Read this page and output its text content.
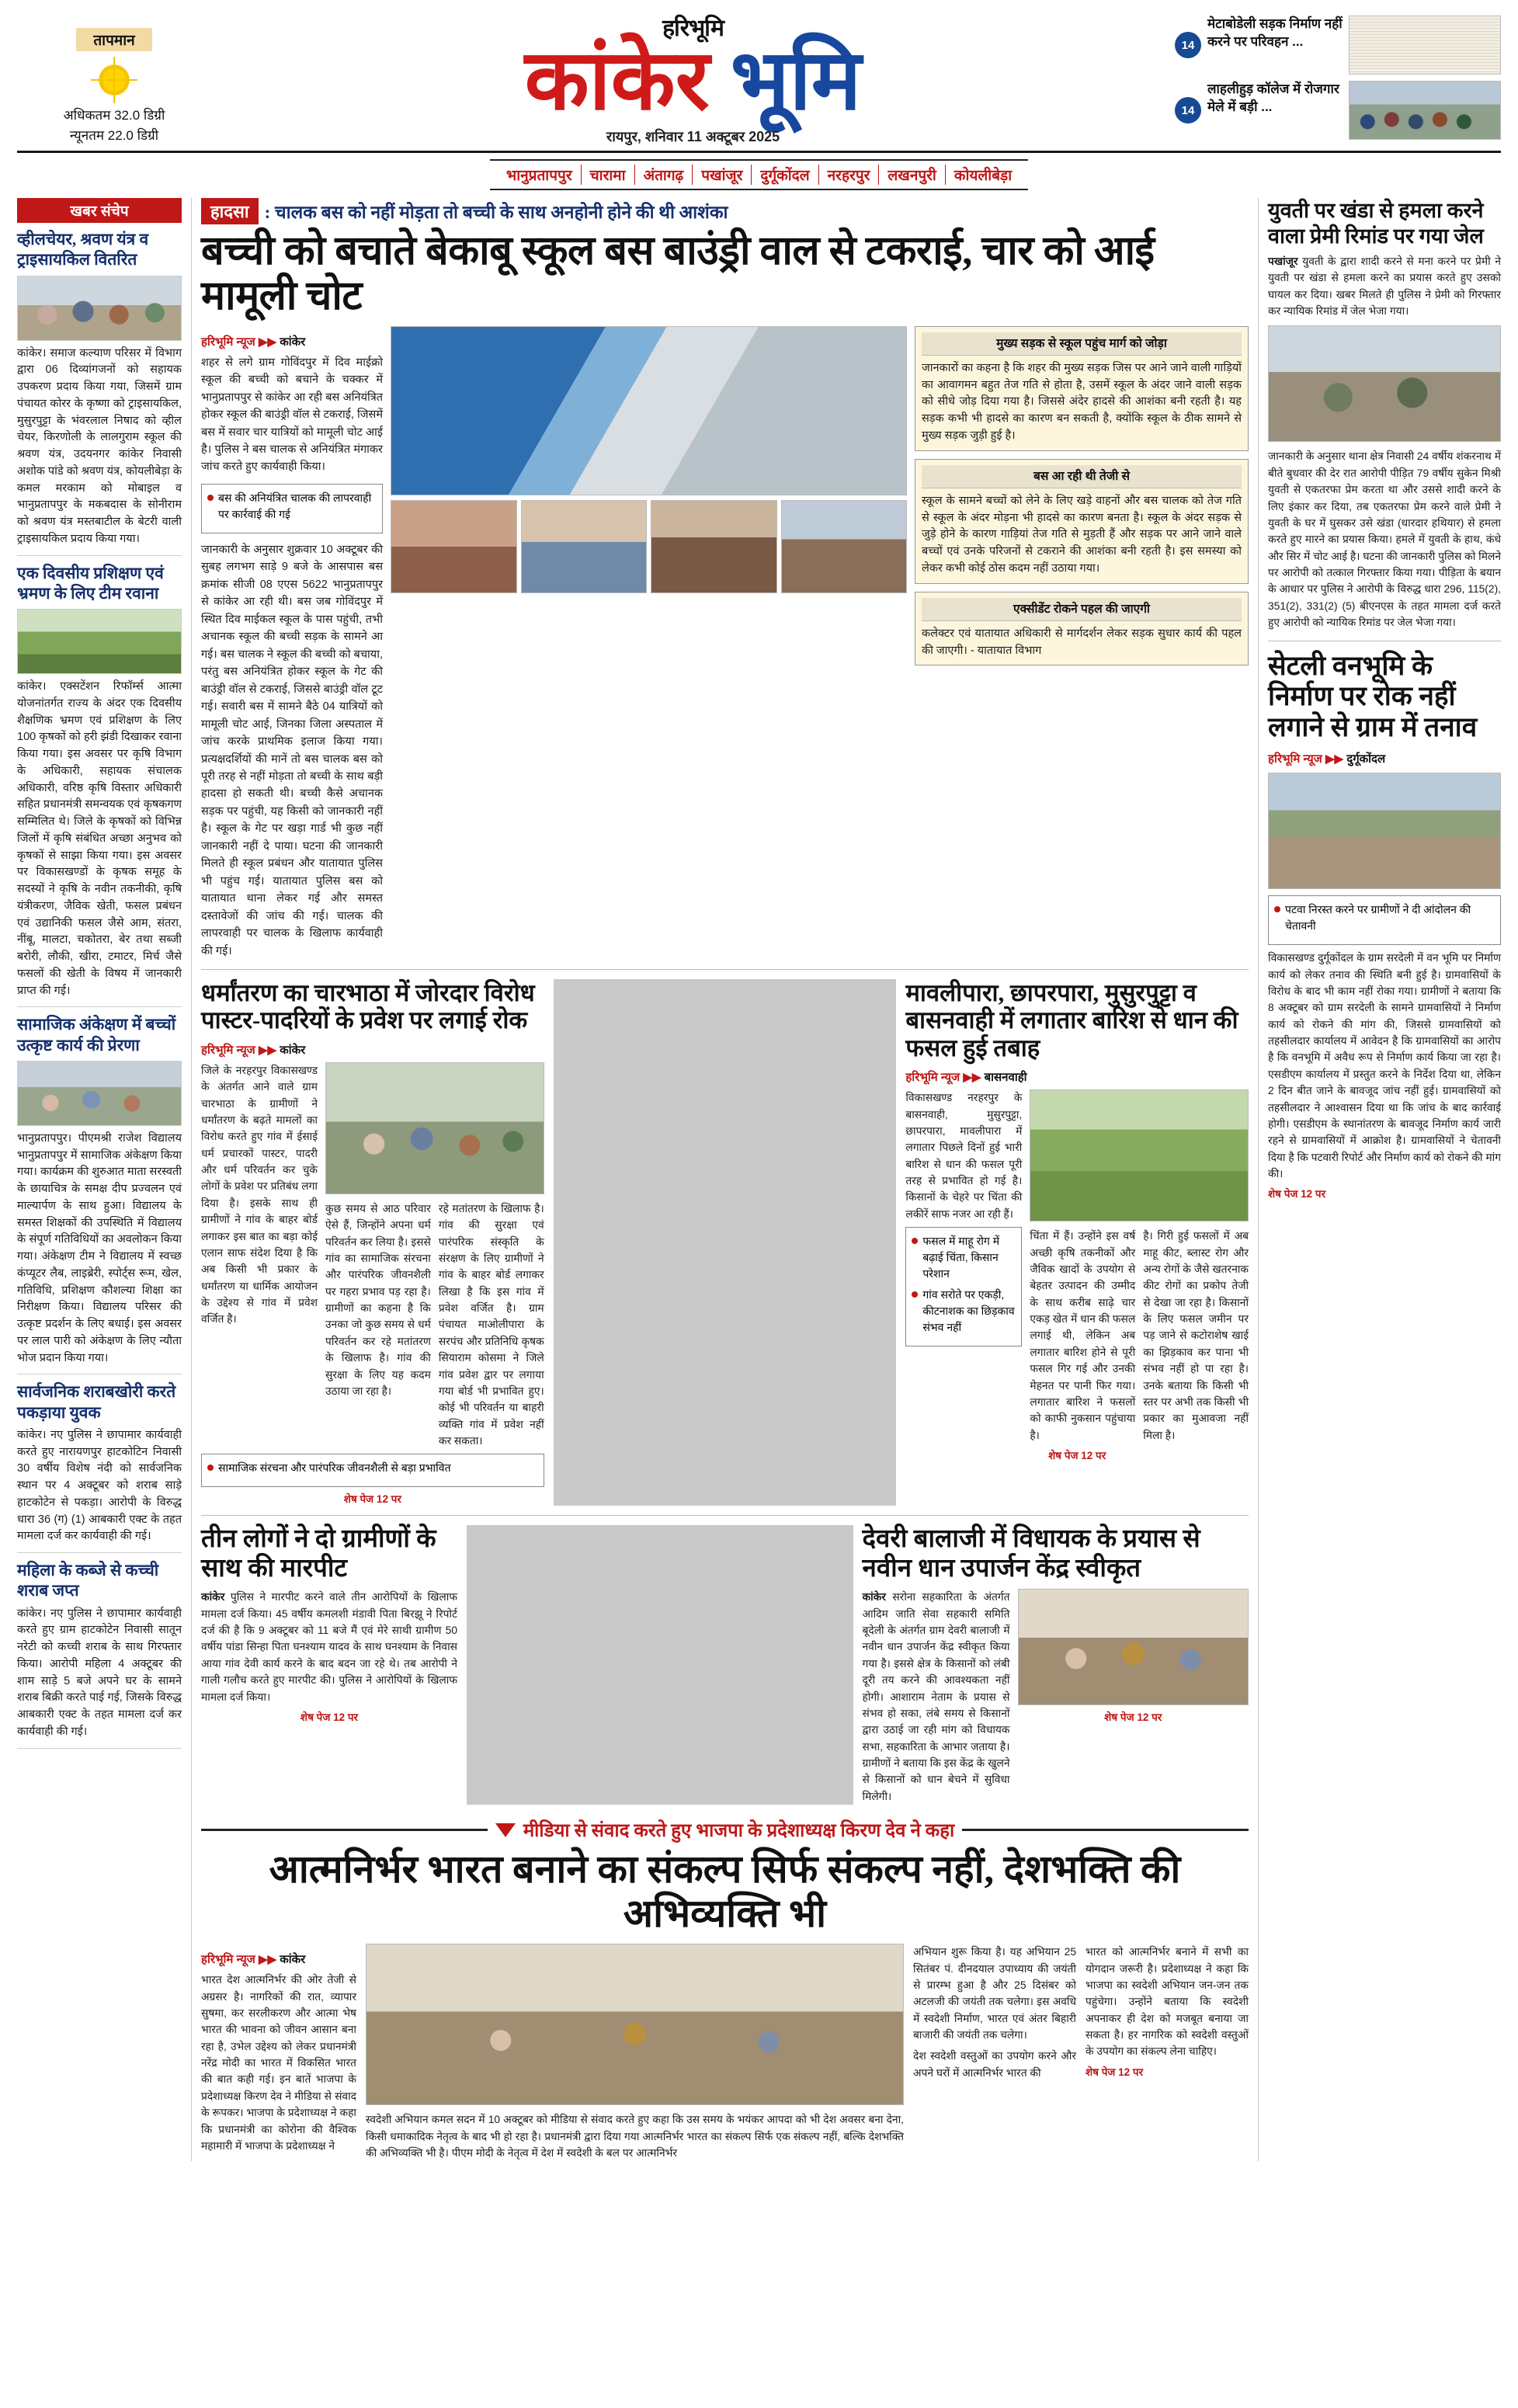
तापमान
अधिकतम 32.0 डिग्री
न्यूनतम 22.0 डिग्री
हरिभूमि
कांकेर भूमि
रायपुर, शनिवार 11 अक्टूबर 2025
14
मेटाबोडेली सड़क निर्माण नहीं करने पर परिवहन ...
14
लाहलीहुड़ कॉलेज में रोजगार मेले में बड़ी ...
भानुप्रतापपुर	चारामा	अंतागढ़	पखांजूर	दुर्गूकोंदल	नरहरपुर	लखनपुरी	कोयलीबेड़ा
खबर संचेप
व्हीलचेयर, श्रवण यंत्र व ट्राइसायकिल वितरित
कांकेर। समाज कल्याण परिसर में विभाग द्वारा 06 दिव्यांगजनों को सहायक उपकरण प्रदाय किया गया, जिसमें ग्राम पंचायत कोरर के कृष्णा को ट्राइसायकिल, मुसुरपुट्टा के भंवरलाल निषाद को व्हील चेयर, किरणोली के लालगुराम स्कूल की श्रवण यंत्र, उदयनगर कांकेर निवासी अशोक पांडे को श्रवण यंत्र, कोयलीबेड़ा के कमल मरकाम को मोबाइल व भानुप्रतापपुर के मकबदास के सोनीराम को श्रवण यंत्र मस्तबाटील के बेटरी वाली ट्राइसायकिल प्रदाय किया गया।
एक दिवसीय प्रशिक्षण एवं भ्रमण के लिए टीम रवाना
कांकेर। एक्सटेंशन रिफॉर्म्स आत्मा योजनांतर्गत राज्य के अंदर एक दिवसीय शैक्षणिक भ्रमण एवं प्रशिक्षण के लिए 100 कृषकों को हरी झंडी दिखाकर रवाना किया गया। इस अवसर पर कृषि विभाग के अधिकारी, सहायक संचालक अधिकारी, वरिष्ठ कृषि विस्तार अधिकारी सहित प्रधानमंत्री समन्वयक एवं कृषकगण सम्मिलित थे। जिले के कृषकों को विभिन्न जिलों में कृषि संबंधित अच्छा अनुभव को कृषकों से साझा किया गया। इस अवसर पर विकासखण्डों के कृषक समूह के सदस्यों ने कृषि के नवीन तकनीकी, कृषि यंत्रीकरण, जैविक खेती, फसल प्रबंधन एवं उद्यानिकी फसल जैसे आम, संतरा, नींबू, मालटा, चकोतरा, बेर तथा सब्जी बरोरी, लौकी, खीरा, टमाटर, मिर्च जैसे फसलों की खेती के विषय में जानकारी प्राप्त की गई।
सामाजिक अंकेक्षण में बच्चों उत्कृष्ट कार्य की प्रेरणा
भानुप्रतापपुर। पीएमश्री राजेश विद्यालय भानुप्रतापपुर में सामाजिक अंकेक्षण किया गया। कार्यक्रम की शुरुआत माता सरस्वती के छायाचित्र के समक्ष दीप प्रज्वलन एवं माल्यार्पण के साथ हुआ। विद्यालय के समस्त शिक्षकों की उपस्थिति में विद्यालय के संपूर्ण गतिविधियों का अवलोकन किया गया। अंकेक्षण टीम ने विद्यालय में स्वच्छ कंप्यूटर लैब, लाइब्रेरी, स्पोर्ट्स रूम, खेल, गतिविधि, प्रशिक्षण कौशल्या शिक्षा का निरीक्षण किया। विद्यालय परिसर की उत्कृष्ट प्रदर्शन के लिए बधाई। इस अवसर पर लाल पारी को अंकेक्षण के लिए न्यौता भोज प्रदान किया गया।
सार्वजनिक शराबखोरी करते पकड़ाया युवक
कांकेर। नए पुलिस ने छापामार कार्यवाही करते हुए नारायणपुर हाटकोटिन निवासी 30 वर्षीय विशेष नंदी को सार्वजनिक स्थान पर 4 अक्टूबर को शराब साड़े हाटकोटेन से पकड़ा। आरोपी के विरुद्ध धारा 36 (ग) (1) आबकारी एक्ट के तहत मामला दर्ज कर कार्यवाही की गई।
महिला के कब्जे से कच्ची शराब जप्त
कांकेर। नए पुलिस ने छापामार कार्यवाही करते हुए ग्राम हाटकोटेन निवासी सातून नरेटी को कच्ची शराब के साथ गिरफ्तार किया। आरोपी महिला 4 अक्टूबर की शाम साड़े 5 बजे अपने घर के सामने शराब बिक्री करते पाई गई, जिसके विरुद्ध आबकारी एक्ट के तहत मामला दर्ज कर कार्यवाही की गई।
हादसा : चालक बस को नहीं मोड़ता तो बच्ची के साथ अनहोनी होने की थी आशंका
बच्ची को बचाते बेकाबू स्कूल बस बाउंड्री वाल से टकराई, चार को आई मामूली चोट
हरिभूमि न्यूज ▶▶ कांकेर
शहर से लगे ग्राम गोविंदपुर में दिव माईक्रो स्कूल की बच्ची को बचाने के चक्कर में भानुप्रतापपुर से कांकेर आ रही बस अनियंत्रित होकर स्कूल की बाउंड्री वॉल से टकराई, जिसमें बस में सवार चार यात्रियों को मामूली चोट आई है। पुलिस ने बस चालक से अनियंत्रित मंगाकर जांच करते हुए कार्यवाही किया।
बस की अनियंत्रित चालक की लापरवाही पर कार्रवाई की गई
जानकारी के अनुसार शुक्रवार 10 अक्टूबर की सुबह लगभग साड़े 9 बजे के आसपास बस क्रमांक सीजी 08 एएस 5622 भानुप्रतापपुर से कांकेर आ रही थी। बस जब गोविंदपुर में स्थित दिव माईकल स्कूल के पास पहुंची, तभी अचानक स्कूल की बच्ची सड़क के सामने आ गई। बस चालक ने स्कूल की बच्ची को बचाया, परंतु बस अनियंत्रित होकर स्कूल के गेट की बाउंड्री वॉल से टकराई, जिससे बाउंड्री वॉल टूट गई। सवारी बस में सामने बैठे 04 यात्रियों को मामूली चोट आई, जिनका जिला अस्पताल में जांच करके प्राथमिक इलाज किया गया। प्रत्यक्षदर्शियों की मानें तो बस चालक बस को पूरी तरह से नहीं मोड़ता तो बच्ची के साथ बड़ी हादसा हो सकती थी। बच्ची कैसे अचानक सड़क पर पहुंची, यह किसी को जानकारी नहीं है। स्कूल के गेट पर खड़ा गार्ड भी कुछ नहीं जानकारी नहीं दे पाया। घटना की जानकारी मिलते ही स्कूल प्रबंधन और यातायात पुलिस भी पहुंच गई। यातायात पुलिस बस को यातायात थाना लेकर गई और समस्त दस्तावेजों की जांच की गई। चालक की लापरवाही पर चालक के खिलाफ कार्यवाही की गई।
मुख्य सड़क से स्कूल पहुंच मार्ग को जोड़ा
जानकारों का कहना है कि शहर की मुख्य सड़क जिस पर आने जाने वाली गाड़ियों का आवागमन बहुत तेज गति से होता है, उसमें स्कूल के अंदर जाने वाली सड़क को सीधे जोड़ दिया गया है। जिससे अंदेर हादसे की आशंका बनी रहती है। यह सड़क कभी भी हादसे का कारण बन सकती है, क्योंकि स्कूल के ठीक सामने से मुख्य सड़क जुड़ी हुई है।
बस आ रही थी तेजी से
स्कूल के सामने बच्चों को लेने के लिए खड़े वाहनों और बस चालक को तेज गति से स्कूल के अंदर मोड़ना भी हादसे का कारण बनता है। स्कूल के अंदर सड़क से जुड़े होने के कारण गाड़ियां तेज गति से मुड़ती हैं और सड़क पर आने जाने वाले बच्चों एवं उनके परिजनों से टकराने की आशंका बनी रहती है। इस समस्या को लेकर कभी कोई ठोस कदम नहीं उठाया गया।
एक्सीडेंट रोकने पहल की जाएगी
कलेक्टर एवं यातायात अधिकारी से मार्गदर्शन लेकर सड़क सुधार कार्य की पहल की जाएगी। - यातायात विभाग
धर्मांतरण का चारभाठा में जोरदार विरोध पास्टर-पादरियों के प्रवेश पर लगाई रोक
हरिभूमि न्यूज ▶▶ कांकेर
जिले के नरहरपुर विकासखण्ड के अंतर्गत आने वाले ग्राम चारभाठा के ग्रामीणों ने धर्मांतरण के बढ़ते मामलों का विरोध करते हुए गांव में ईसाई धर्म प्रचारकों पास्टर, पादरी और धर्म परिवर्तन कर चुके लोगों के प्रवेश पर प्रतिबंध लगा दिया है। इसके साथ ही ग्रामीणों ने गांव के बाहर बोर्ड लगाकर इस बात का बड़ा कोई एलान साफ संदेश दिया है कि अब किसी भी प्रकार के धर्मांतरण या धार्मिक आयोजन के उद्देश्य से गांव में प्रवेश वर्जित है।
कुछ समय से आठ परिवार ऐसे हैं, जिन्होंने अपना धर्म परिवर्तन कर लिया है। इससे गांव का सामाजिक संरचना और पारंपरिक जीवनशैली पर गहरा प्रभाव पड़ रहा है। ग्रामीणों का कहना है कि उनका जो कुछ समय से धर्म परिवर्तन कर रहे मतांतरण के खिलाफ है। गांव की सुरक्षा के लिए यह कदम उठाया जा रहा है।
रहे मतांतरण के खिलाफ है। गांव की सुरक्षा एवं पारंपरिक संस्कृति के संरक्षण के लिए ग्रामीणों ने गांव के बाहर बोर्ड लगाकर लिखा है कि इस गांव में प्रवेश वर्जित है। ग्राम पंचायत माओलीपारा के सरपंच और प्रतिनिधि कृषक सियाराम कोसमा ने जिले गांव प्रवेश द्वार पर लगाया गया बोर्ड भी प्रभावित हुए। कोई भी परिवर्तन या बाहरी व्यक्ति गांव में प्रवेश नहीं कर सकता।
सामाजिक संरचना और पारंपरिक जीवनशैली से बड़ा प्रभावित
शेष पेज 12 पर
मावलीपारा, छापरपारा, मुसुरपुट्टा व बासनवाही में लगातार बारिश से धान की फसल हुई तबाह
हरिभूमि न्यूज ▶▶ बासनवाही
विकासखण्ड नरहरपुर के बासनवाही, मुसुरपुट्टा, छापरपारा, मावलीपारा में लगातार पिछले दिनों हुई भारी बारिश से धान की फसल पूरी तरह से प्रभावित हो गई है। किसानों के चेहरे पर चिंता की लकीरें साफ नजर आ रही हैं।
फसल में माहू रोग में बढ़ाई चिंता, किसान परेशान
गांव सरोते पर एकड़ी, कीटनाशक का छिड़काव संभव नहीं
चिंता में हैं। उन्होंने इस वर्ष अच्छी कृषि तकनीकों और जैविक खादों के उपयोग से बेहतर उत्पादन की उम्मीद के साथ करीब साढ़े चार एकड़ खेत में धान की फसल लगाई थी, लेकिन अब लगातार बारिश होने से पूरी फसल गिर गई और उनकी मेहनत पर पानी फिर गया। लगातार बारिश ने फसलों को काफी नुकसान पहुंचाया है।
है। गिरी हुई फसलों में अब माहू कीट, ब्लास्ट रोग और अन्य रोगों के जैसे खतरनाक कीट रोगों का प्रकोप तेजी से देखा जा रहा है। किसानों के लिए फसल जमीन पर पड़ जाने से कटोराशेष खाई का झिड़काव कर पाना भी संभव नहीं हो पा रहा है। उनके बताया कि किसी भी स्तर पर अभी तक किसी भी प्रकार का मुआवजा नहीं मिला है।
शेष पेज 12 पर
तीन लोगों ने दो ग्रामीणों के साथ की मारपीट
कांकेर पुलिस ने मारपीट करने वाले तीन आरोपियों के खिलाफ मामला दर्ज किया। 45 वर्षीय कमलशी मंडावी पिता बिरझू ने रिपोर्ट दर्ज की है कि 9 अक्टूबर को 11 बजे मैं एवं मेरे साथी ग्रामीण 50 वर्षीय पांडा सिन्हा पिता घनश्याम यादव के साथ घनश्याम के निवास आया गांव देवी कार्य करने के बाद बदन जा रहे थे। तब आरोपी ने गाली गलौच करते हुए मारपीट की। पुलिस ने आरोपियों के खिलाफ मामला दर्ज किया।
शेष पेज 12 पर
देवरी बालाजी में विधायक के प्रयास से नवीन धान उपार्जन केंद्र स्वीकृत
कांकेर सरोना सहकारिता के अंतर्गत आदिम जाति सेवा सहकारी समिति बूदेली के अंतर्गत ग्राम देवरी बालाजी में नवीन धान उपार्जन केंद्र स्वीकृत किया गया है। इससे क्षेत्र के किसानों को लंबी दूरी तय करने की आवश्यकता नहीं होगी। आशाराम नेताम के प्रयास से संभव हो सका, लंबे समय से किसानों द्वारा उठाई जा रही मांग को विधायक सभा, सहकारिता के आभार जताया है। ग्रामीणों ने बताया कि इस केंद्र के खुलने से किसानों को धान बेचने में सुविधा मिलेगी।
शेष पेज 12 पर
मीडिया से संवाद करते हुए भाजपा के प्रदेशाध्यक्ष किरण देव ने कहा
आत्मनिर्भर भारत बनाने का संकल्प सिर्फ संकल्प नहीं, देशभक्ति की अभिव्यक्ति भी
हरिभूमि न्यूज ▶▶ कांकेर
भारत देश आत्मनिर्भर की ओर तेजी से अग्रसर है। नागरिकों की रात, व्यापार सुषमा, कर सरलीकरण और आत्मा भेष भारत की भावना को जीवन आसान बना रहा है, उभेल उद्देश्य को लेकर प्रधानमंत्री नरेंद्र मोदी का भारत में विकसित भारत की बात कही गई। इन बातें भाजपा के प्रदेशाध्यक्ष किरण देव ने मीडिया से संवाद के रूपकर। भाजपा के प्रदेशाध्यक्ष ने कहा कि प्रधानमंत्री का कोरोना की वैश्विक महामारी में भाजपा के प्रदेशाध्यक्ष ने
स्वदेशी अभियान कमल सदन में 10 अक्टूबर को मीडिया से संवाद करते हुए कहा कि उस समय के भयंकर आपदा को भी देश अवसर बना देना, किसी धमाकादिक नेतृत्व के बाद भी हो रहा है। प्रधानमंत्री द्वारा दिया गया आत्मनिर्भर भारत का संकल्प सिर्फ एक संकल्प नहीं, बल्कि देशभक्ति की अभिव्यक्ति भी है। पीएम मोदी के नेतृत्व में देश में स्वदेशी के बल पर आत्मनिर्भर
अभियान शुरू किया है। यह अभियान 25 सितंबर पं. दीनदयाल उपाध्याय की जयंती से प्रारम्भ हुआ है और 25 दिसंबर को अटलजी की जयंती तक चलेगा। इस अवधि में स्वदेशी निर्माण, भारत एवं अंतर बिहारी बाजारी की जयंती तक चलेगा।
देश स्वदेशी वस्तुओं का उपयोग करने और अपने घरों में आत्मनिर्भर भारत की
भारत को आत्मनिर्भर बनाने में सभी का योगदान जरूरी है। प्रदेशाध्यक्ष ने कहा कि भाजपा का स्वदेशी अभियान जन-जन तक पहुंचेगा। उन्होंने बताया कि स्वदेशी अपनाकर ही देश को मजबूत बनाया जा सकता है। हर नागरिक को स्वदेशी वस्तुओं के उपयोग का संकल्प लेना चाहिए।
शेष पेज 12 पर
युवती पर खंडा से हमला करने वाला प्रेमी रिमांड पर गया जेल
पखांजूर युवती के द्वारा शादी करने से मना करने पर प्रेमी ने युवती पर खंडा से हमला करने का प्रयास करते हुए उसको घायल कर दिया। खबर मिलते ही पुलिस ने प्रेमी को गिरफ्तार कर न्यायिक रिमांड में जेल भेजा गया।
जानकारी के अनुसार थाना क्षेत्र निवासी 24 वर्षीय शंकरनाथ में बीते बुधवार की देर रात आरोपी पीड़ित 79 वर्षीय सुकेन मिश्री युवती से एकतरफा प्रेम करता था और उससे शादी करने के लिए इंकार कर दिया, तब एकतरफा प्रेम करने वाले प्रेमी ने युवती के घर में घुसकर उसे खंडा (धारदार हथियार) से हमला करते हुए मारने का प्रयास किया। हमले में युवती के हाथ, कंधे और सिर में चोट आई है। घटना की जानकारी पुलिस को मिलने पर आरोपी को तत्काल गिरफ्तार किया गया। पीड़िता के बयान के आधार पर पुलिस ने आरोपी के विरुद्ध धारा 296, 115(2), 351(2), 331(2) (5) बीएनएस के तहत मामला दर्ज करते हुए आरोपी को न्यायिक रिमांड पर जेल भेजा गया।
सेटली वनभूमि के निर्माण पर रोक नहीं लगाने से ग्राम में तनाव
हरिभूमि न्यूज ▶▶ दुर्गूकोंदल
पटवा निरस्त करने पर ग्रामीणों ने दी आंदोलन की चेतावनी
विकासखण्ड दुर्गूकोंदल के ग्राम सरदेली में वन भूमि पर निर्माण कार्य को लेकर तनाव की स्थिति बनी हुई है। ग्रामवासियों के विरोध के बाद भी काम नहीं रोका गया। ग्रामीणों ने बताया कि 8 अक्टूबर को ग्राम सरदेली के सामने ग्रामवासियों ने निर्माण कार्य को रोकने की मांग की, जिससे ग्रामवासियों को तहसीलदार कार्यालय में आवेदन है कि ग्रामवासियों का आरोप है कि वनभूमि में अवैध रूप से निर्माण कार्य किया जा रहा है। एसडीएम कार्यालय में प्रस्तुत करने के निर्देश दिया था, लेकिन 2 दिन बीत जाने के बावजूद जांच नहीं हुई। ग्रामवासियों को तहसीलदार ने आश्वासन दिया था कि जांच के बाद कार्रवाई होगी। एसडीएम के स्थानांतरण के बावजूद निर्माण कार्य जारी रहने से ग्रामवासियों में आक्रोश है। ग्रामवासियों ने चेतावनी दिया है कि पटवारी रिपोर्ट और निर्माण कार्य को रोकने की मांग की।
शेष पेज 12 पर
